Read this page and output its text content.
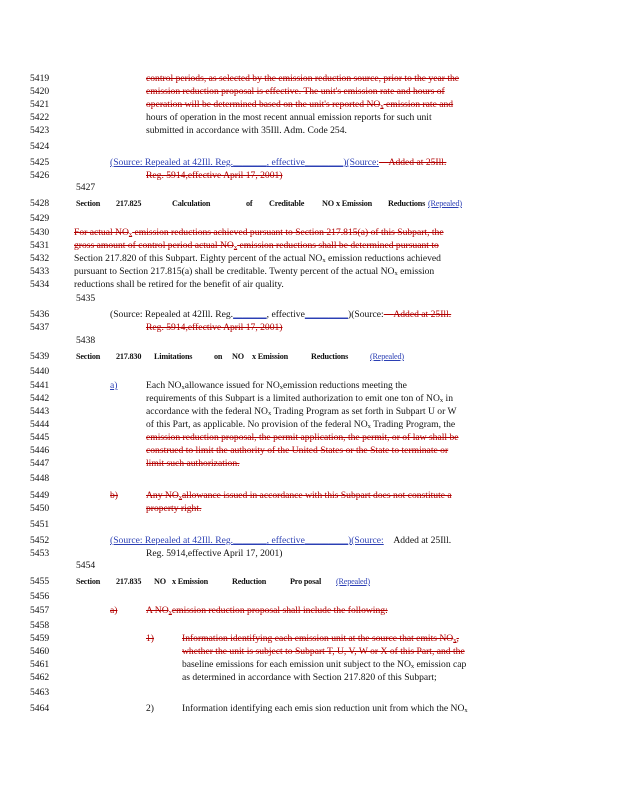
5419
5420
5421
5422
5423
5424
5425
5426
5427
5428
5429
5430
5431
5432
5433
5434
5435
5436
5437
5438
5439
5440
5441
5442
5443
5444
5445
5446
5447
5448
5449
5450
5451
5452
5453
5454
5455
5456
5457
5458
5459
5460
5461
5462
5463
5464
control periods, as selected by the emission reduction source, prior to the year the
emission reduction proposal is effective. The unit's emission rate and hours of
operation will be determined based on the unit's reported $NO_x$ emission rate and
hours of operation in the most recent annual emission reports for such unit
submitted in accordance with 35Ill. Adm. Code 254.
(Source: Repealed at 42Ill. Reg._______, effective________)(Source: Added at 25Ill.
Reg. 5914,effective April 17, 2001)
Section 217.825	Calculation	of Creditable NO x Emission Reductions (Repealed)
For actual $NO_x$ emission reductions achieved pursuant to Section 217.815(a) of this Subpart, the
gross amount of control period actual $NO_x$ emission reductions shall be determined pursuant to
Section 217.820 of this Subpart. Eighty percent of the actual $NO_x$ emission reductions achieved
pursuant to Section 217.815(a) shall be creditable. Twenty percent of the actual $NO_x$ emission
reductions shall be retired for the benefit of air quality.
(Source: Repealed at 42Ill. Reg._______, effective_________)(Source: Added at 25Ill.
Reg. 5914,effective April 17, 2001)
Section 217.830 Limitations	on NO x Emission	Reductions	(Repealed)
a)	Each $NO_xallowance$ issued for $NO_xemission$ reductions meeting the
requirements of this Subpart is a limited authorization to emit one ton of $NO_x$ in
accordance with the federal $NO_x$ Trading Program as set forth in Subpart U or W
of this Part, as applicable. No provision of the federal $NO_x$ Trading Program, the
emission reduction proposal, the permit application, the permit, or of law shall be
construed to limit the authority of the United States or the State to terminate or
limit such authorization.
b)	Any $NO_xallowance$ issued in accordance with this Subpart does not constitute a
property right.
(Source: Repealed at 42Ill. Reg._______, effective_________)(Source: Added at 25Ill.
Reg. 5914,effective April 17, 2001)
Section 217.835 NO x Emission	Reduction	Pro posal (Repealed)
a)	A $NO_xemission$ reduction proposal shall include the following:
1)	Information identifying each emission unit at the source that emits $NO_x$,
whether the unit is subject to Subpart T, U, V, W or X of this Part, and the
baseline emissions for each emission unit subject to the $NO_x$ emission cap
as determined in accordance with Section 217.820 of this Subpart;
2)	Information identifying each emis sion reduction unit from which the $NO_x$
